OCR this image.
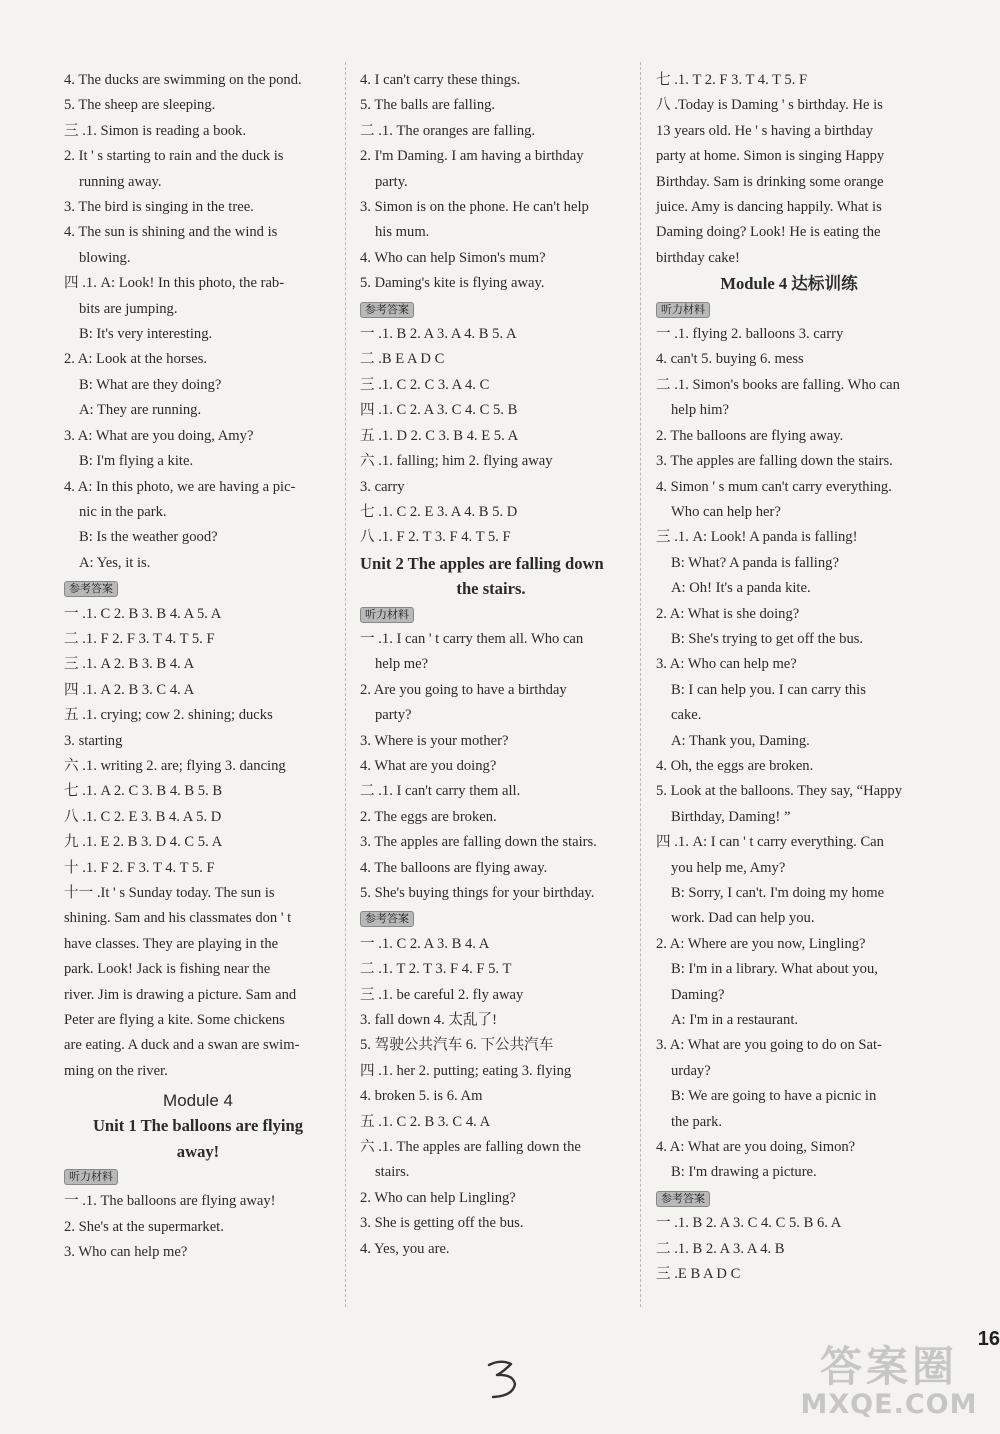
4. The ducks are swimming on the pond.
5. The sheep are sleeping.
三 .1. Simon is reading a book.
2. It ' s starting to rain and the duck is
running away.
3. The bird is singing in the tree.
4. The sun is shining and the wind is
blowing.
四 .1. A: Look! In this photo, the rab-
bits are jumping.
B: It's very interesting.
2. A: Look at the horses.
B: What are they doing?
A: They are running.
3. A: What are you doing, Amy?
B: I'm flying a kite.
4. A: In this photo, we are having a pic-
nic in the park.
B: Is the weather good?
A: Yes, it is.
参考答案
一 .1. C 2. B 3. B 4. A 5. A
二 .1. F 2. F 3. T 4. T 5. F
三 .1. A 2. B 3. B 4. A
四 .1. A 2. B 3. C 4. A
五 .1. crying; cow 2. shining; ducks
3. starting
六 .1. writing 2. are; flying 3. dancing
七 .1. A 2. C 3. B 4. B 5. B
八 .1. C 2. E 3. B 4. A 5. D
九 .1. E 2. B 3. D 4. C 5. A
十 .1. F 2. F 3. T 4. T 5. F
十一 .It ' s Sunday today. The sun is
shining. Sam and his classmates don ' t
have classes. They are playing in the
park. Look! Jack is fishing near the
river. Jim is drawing a picture. Sam and
Peter are flying a kite. Some chickens
are eating. A duck and a swan are swim-
ming on the river.
Module 4
Unit 1 The balloons are flying
away!
听力材料
一 .1. The balloons are flying away!
2. She's at the supermarket.
3. Who can help me?
4. I can't carry these things.
5. The balls are falling.
二 .1. The oranges are falling.
2. I'm Daming. I am having a birthday
party.
3. Simon is on the phone. He can't help
his mum.
4. Who can help Simon's mum?
5. Daming's kite is flying away.
参考答案
一 .1. B 2. A 3. A 4. B 5. A
二 .B E A D C
三 .1. C 2. C 3. A 4. C
四 .1. C 2. A 3. C 4. C 5. B
五 .1. D 2. C 3. B 4. E 5. A
六 .1. falling; him 2. flying away
3. carry
七 .1. C 2. E 3. A 4. B 5. D
八 .1. F 2. T 3. F 4. T 5. F
Unit 2 The apples are falling down
the stairs.
听力材料
一 .1. I can ' t carry them all. Who can
help me?
2. Are you going to have a birthday
party?
3. Where is your mother?
4. What are you doing?
二 .1. I can't carry them all.
2. The eggs are broken.
3. The apples are falling down the stairs.
4. The balloons are flying away.
5. She's buying things for your birthday.
参考答案
一 .1. C 2. A 3. B 4. A
二 .1. T 2. T 3. F 4. F 5. T
三 .1. be careful 2. fly away
3. fall down 4. 太乱了!
5. 驾驶公共汽车 6. 下公共汽车
四 .1. her 2. putting; eating 3. flying
4. broken 5. is 6. Am
五 .1. C 2. B 3. C 4. A
六 .1. The apples are falling down the
stairs.
2. Who can help Lingling?
3. She is getting off the bus.
4. Yes, you are.
七 .1. T 2. F 3. T 4. T 5. F
八 .Today is Daming ' s birthday. He is
13 years old. He ' s having a birthday
party at home. Simon is singing Happy
Birthday. Sam is drinking some orange
juice. Amy is dancing happily. What is
Daming doing? Look! He is eating the
birthday cake!
Module 4 达标训练
听力材料
一 .1. flying 2. balloons 3. carry
4. can't 5. buying 6. mess
二 .1. Simon's books are falling. Who can
help him?
2. The balloons are flying away.
3. The apples are falling down the stairs.
4. Simon ' s mum can't carry everything.
Who can help her?
三 .1. A: Look! A panda is falling!
B: What? A panda is falling?
A: Oh! It's a panda kite.
2. A: What is she doing?
B: She's trying to get off the bus.
3. A: Who can help me?
B: I can help you. I can carry this
cake.
A: Thank you, Daming.
4. Oh, the eggs are broken.
5. Look at the balloons. They say, “Happy
Birthday, Daming! ”
四 .1. A: I can ' t carry everything. Can
you help me, Amy?
B: Sorry, I can't. I'm doing my home
work. Dad can help you.
2. A: Where are you now, Lingling?
B: I'm in a library. What about you,
Daming?
A: I'm in a restaurant.
3. A: What are you going to do on Sat-
urday?
B: We are going to have a picnic in
the park.
4. A: What are you doing, Simon?
B: I'm drawing a picture.
参考答案
一 .1. B 2. A 3. C 4. C 5. B 6. A
二 .1. B 2. A 3. A 4. B
三 .E B A D C
16
答案圈
MXQE.COM
